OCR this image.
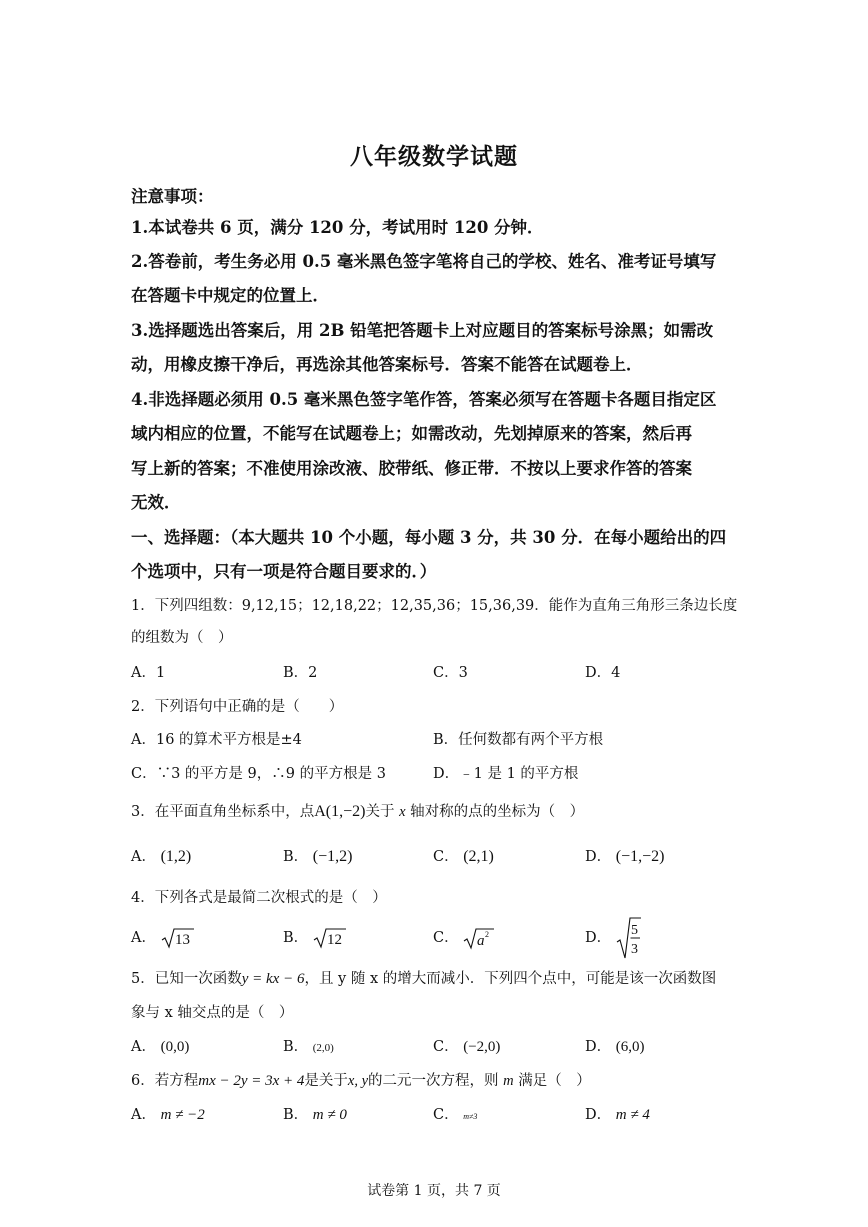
八年级数学试题
注意事项：
1.本试卷共 6 页，满分 120 分，考试用时 120 分钟．
2.答卷前，考生务必用 0.5 毫米黑色签字笔将自己的学校、姓名、准考证号填写
在答题卡中规定的位置上．
3.选择题选出答案后，用 2B 铅笔把答题卡上对应题目的答案标号涂黑；如需改
动，用橡皮擦干净后，再选涂其他答案标号．答案不能答在试题卷上．
4.非选择题必须用 0.5 毫米黑色签字笔作答，答案必须写在答题卡各题目指定区
域内相应的位置，不能写在试题卷上；如需改动，先划掉原来的答案，然后再
写上新的答案；不准使用涂改液、胶带纸、修正带．不按以上要求作答的答案
无效．
一、选择题：（本大题共 10 个小题，每小题 3 分，共 30 分．在每小题给出的四
个选项中，只有一项是符合题目要求的．）
1．下列四组数：9,12,15；12,18,22；12,35,36；15,36,39．能作为直角三角形三条边长度
的组数为（　）
A．1	B．2	C．3	D．4
2．下列语句中正确的是（　　）
A．16 的算术平方根是±4	B．任何数都有两个平方根
C．∵3 的平方是 9，∴9 的平方根是 3	D．﹣1 是 1 的平方根
3．在平面直角坐标系中，点A(1,−2)关于 x 轴对称的点的坐标为（　）
A． (1,2)	B． (−1,2)	C． (2,1)	D． (−1,−2)
4．下列各式是最简二次根式的是（　）
A． 13	B． 12	C． a 2	D． 5
3
5．已知一次函数y = kx − 6，且 y 随 x 的增大而减小．下列四个点中，可能是该一次函数图
象与 x 轴交点的是（　）
A． (0,0)	B． (2,0)	C． (−2,0)	D． (6,0)
6．若方程mx − 2y = 3x + 4是关于x, y的二元一次方程，则 m 满足（　）
A． m ≠ −2	B． m ≠ 0	C． m≠3	D． m ≠ 4
试卷第 1 页，共 7 页
